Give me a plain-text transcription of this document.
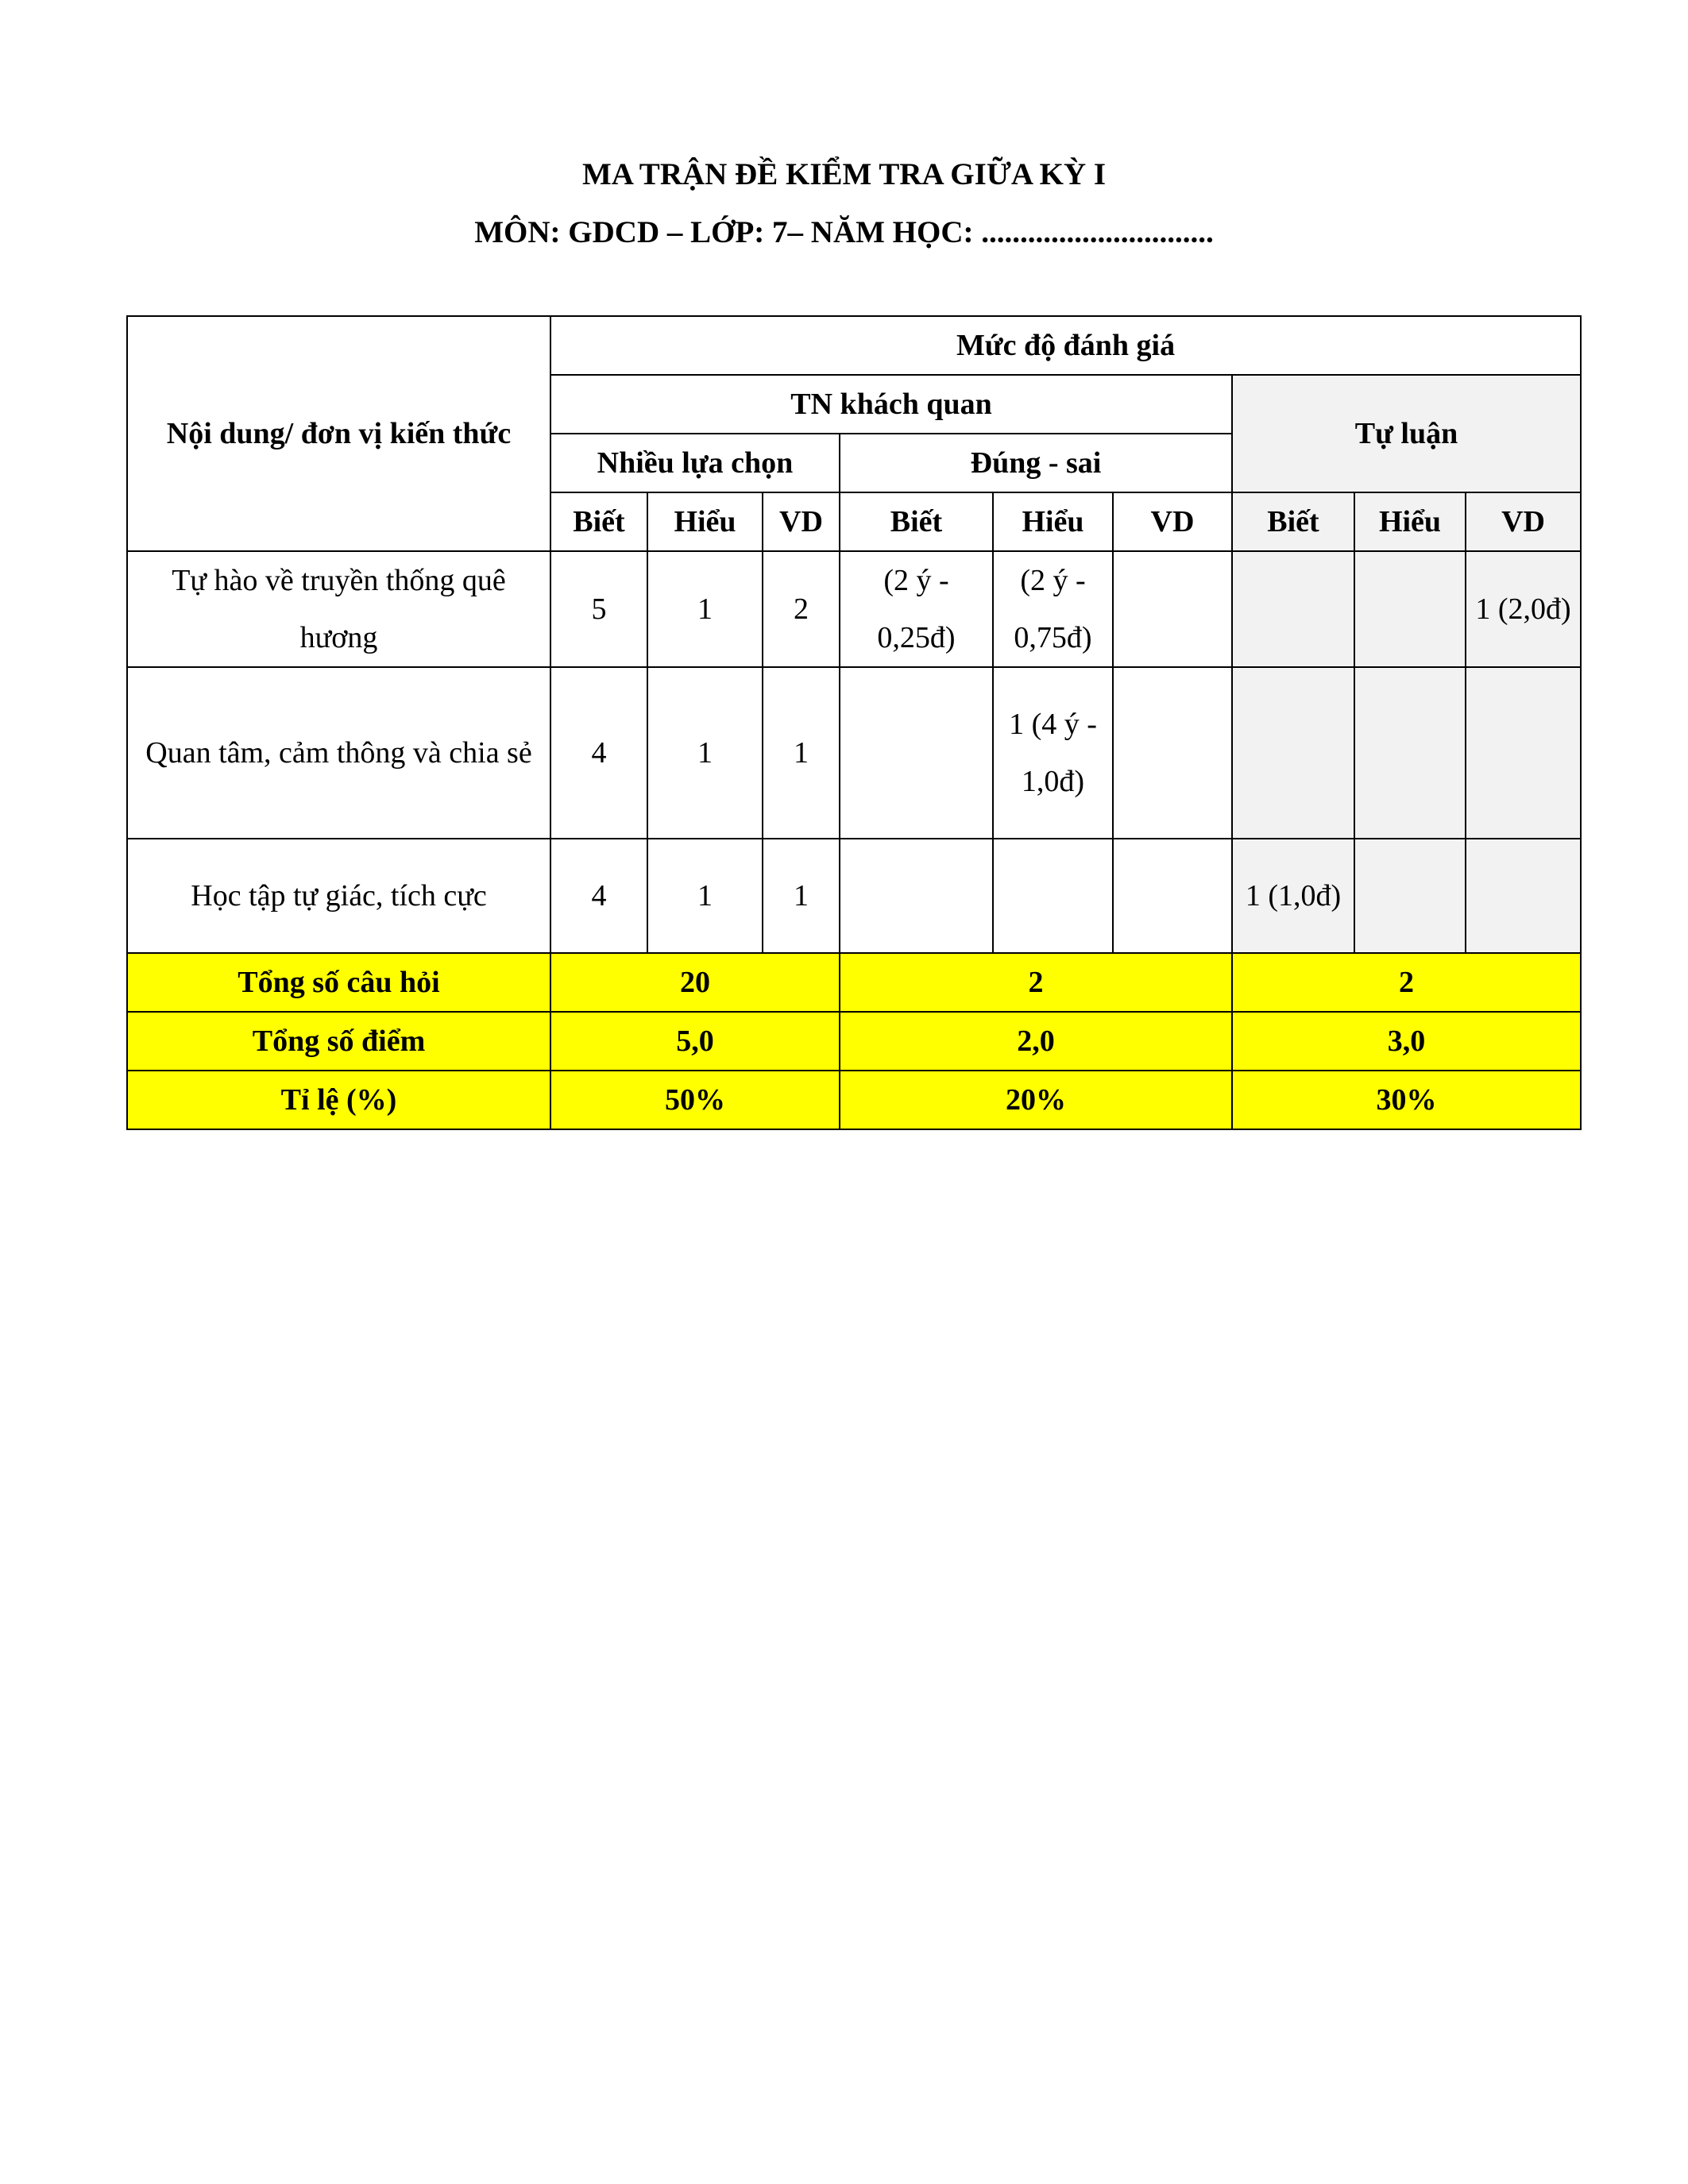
MA TRẬN ĐỀ KIỂM TRA GIỮA KỲ I
MÔN: GDCD – LỚP: 7– NĂM HỌC: ..............................
Nội dung/ đơn vị kiến thức	Mức độ đánh giá								
	TN khách quan						Tự luận		
	Nhiều lựa chọn			Đúng - sai					
	Biết	Hiểu	VD	Biết	Hiểu	VD	Biết	Hiểu	VD
Tự hào về truyền thống quê hương	5	1	2	(2 ý - 0,25đ)	(2 ý - 0,75đ)				1 (2,0đ)
Quan tâm, cảm thông và chia sẻ	4	1	1		1 (4 ý - 1,0đ)				
Học tập tự giác, tích cực	4	1	1				1 (1,0đ)		
Tổng số câu hỏi	20			2			2		
Tổng số điểm	5,0			2,0			3,0		
Tỉ lệ (%)	50%			20%			30%		
